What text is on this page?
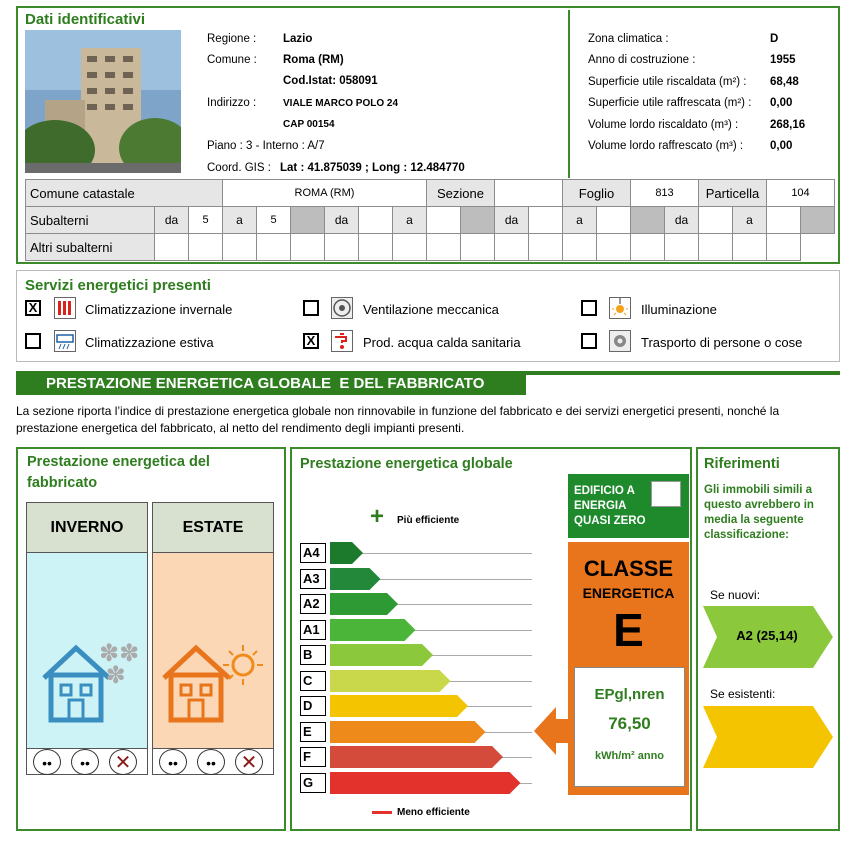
Dati identificativi
Regione : Lazio
Comune : Roma (RM)
Cod.Istat: 058091
Indirizzo :	VIALE MARCO POLO 24
CAP 00154
Piano : 3 - Interno : A/7
Coord. GIS : Lat : 41.875039 ; Long : 12.484770
Zona climatica :	D
Anno di costruzione :	1955
Superficie utile riscaldata (m²) : 68,48
Superficie utile raffrescata (m²) : 0,00
Volume lordo riscaldato (m³) :	268,16
Volume lordo raffrescato (m³) : 0,00
Comune catastale			ROMA (RM)						Sezione				Foglio		813		Particella		104	
Subalterni	da	5	a	5		da		a			da		a			da		a		
Altri subalterni																				
Servizi energetici presenti
X	Climatizzazione invernale	Ventilazione meccanica	Illuminazione
Climatizzazione estiva	X	Prod. acqua calda sanitaria	Trasporto di persone o cose
PRESTAZIONE ENERGETICA GLOBALE  E DEL FABBRICATO
La sezione riporta l’indice di prestazione energetica globale non rinnovabile in funzione del fabbricato e dei servizi energetici presenti, nonché la prestazione energetica del fabbricato, al netto del rendimento degli impianti presenti.
Prestazione energetica del fabbricato
INVERNO
✽✽
✽
••	••	✕
ESTATE
••	••	✕
Prestazione energetica globale
+ Più efficiente
A4
A3
A2
A1
B
C
D
E
F
G
Meno efficiente
EDIFICIO A ENERGIA QUASI ZERO
CLASSE
ENERGETICA
E
EPgl,nren
76,50
kWh/m² anno
Riferimenti
Gli immobili simili a questo avrebbero in media la seguente classificazione:
Se nuovi:
A2 (25,14)
Se esistenti:
